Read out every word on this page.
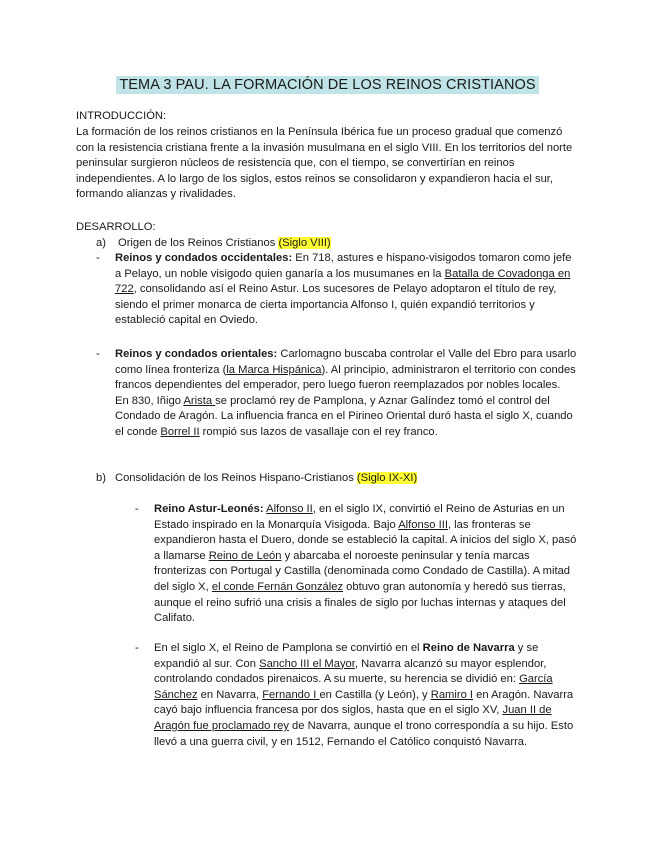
TEMA 3 PAU. LA FORMACIÓN DE LOS REINOS CRISTIANOS

INTRODUCCIÓN:

La formación de los reinos cristianos en la Península Ibérica fue un proceso gradual que comenzó con la resistencia cristiana frente a la invasión musulmana en el siglo VIII. En los territorios del norte peninsular surgieron núcleos de resistencia que, con el tiempo, se convertirían en reinos independientes. A lo largo de los siglos, estos reinos se consolidaron y expandieron hacia el sur, formando alianzas y rivalidades.

DESARROLLO:

a) Origen de los Reinos Cristianos (Siglo VIII)
- Reinos y condados occidentales: En 718, astures e hispano-visigodos tomaron como jefe a Pelayo, un noble visigodo quien ganaría a los musumanes en la Batalla de Covadonga en 722, consolidando así el Reino Astur. Los sucesores de Pelayo adoptaron el título de rey, siendo el primer monarca de cierta importancia Alfonso I, quién expandió territorios y estableció capital en Oviedo.
- Reinos y condados orientales: Carlomagno buscaba controlar el Valle del Ebro para usarlo como línea fronteriza (la Marca Hispánica). Al principio, administraron el territorio con condes francos dependientes del emperador, pero luego fueron reemplazados por nobles locales. En 830, Iñigo Arista se proclamó rey de Pamplona, y Aznar Galíndez tomó el control del Condado de Aragón. La influencia franca en el Pirineo Oriental duró hasta el siglo X, cuando el conde Borrel II rompió sus lazos de vasallaje con el rey franco.
b) Consolidación de los Reinos Hispano-Cristianos (Siglo IX-XI)
- Reino Astur-Leonés: Alfonso II, en el siglo IX, convirtió el Reino de Asturias en un Estado inspirado en la Monarquía Visigoda. Bajo Alfonso III, las fronteras se expandieron hasta el Duero, donde se estableció la capital. A inicios del siglo X, pasó a llamarse Reino de León y abarcaba el noroeste peninsular y tenía marcas fronterizas con Portugal y Castilla (denominada como Condado de Castilla). A mitad del siglo X, el conde Fernán González obtuvo gran autonomía y heredó sus tierras, aunque el reino sufrió una crisis a finales de siglo por luchas internas y ataques del Califato.
- En el siglo X, el Reino de Pamplona se convirtió en el Reino de Navarra y se expandió al sur. Con Sancho III el Mayor, Navarra alcanzó su mayor esplendor, controlando condados pirenaicos. A su muerte, su herencia se dividió en: García Sánchez en Navarra, Fernando I en Castilla (y León), y Ramiro I en Aragón. Navarra cayó bajo influencia francesa por dos siglos, hasta que en el siglo XV, Juan II de Aragón fue proclamado rey de Navarra, aunque el trono correspondía a su hijo. Esto llevó a una guerra civil, y en 1512, Fernando el Católico conquistó Navarra.
